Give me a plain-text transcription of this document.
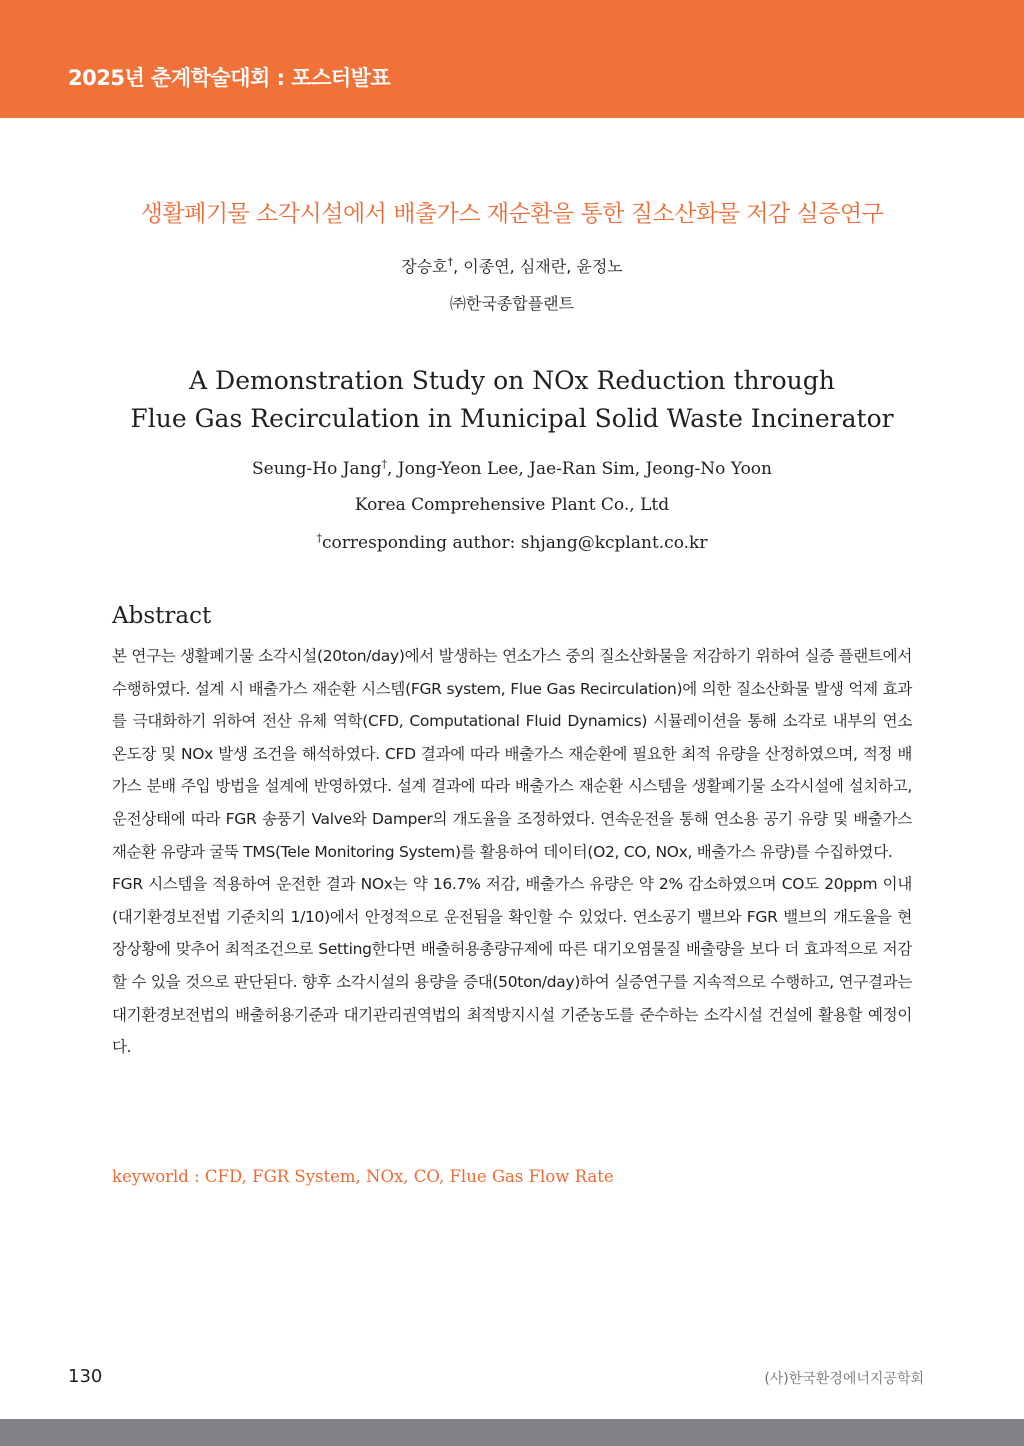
2025년 춘계학술대회 : 포스터발표
생활폐기물 소각시설에서 배출가스 재순환을 통한 질소산화물 저감 실증연구
장승호†, 이종연, 심재란, 윤정노
㈜한국종합플랜트
A Demonstration Study on NOx Reduction through
Flue Gas Recirculation in Municipal Solid Waste Incinerator
Seung-Ho Jang†, Jong-Yeon Lee, Jae-Ran Sim, Jeong-No Yoon
Korea Comprehensive Plant Co., Ltd
†corresponding author: shjang@kcplant.co.kr
Abstract

본 연구는 생활폐기물 소각시설(20ton/day)에서 발생하는 연소가스 중의 질소산화물을 저감하기 위하여 실증 플랜트에서 수행하였다. 설계 시 배출가스 재순환 시스템(FGR system, Flue Gas Recirculation)에 의한 질소산화물 발생 억제 효과를 극대화하기 위하여 전산 유체 역학(CFD, Computational Fluid Dynamics) 시뮬레이션을 통해 소각로 내부의 연소 온도장 및 NOx 발생 조건을 해석하였다. CFD 결과에 따라 배출가스 재순환에 필요한 최적 유량을 산정하였으며, 적정 배가스 분배 주입 방법을 설계에 반영하였다. 설계 결과에 따라 배출가스 재순환 시스템을 생활폐기물 소각시설에 설치하고, 운전상태에 따라 FGR 송풍기 Valve와 Damper의 개도율을 조정하였다. 연속운전을 통해 연소용 공기 유량 및 배출가스 재순환 유량과 굴뚝 TMS(Tele Monitoring System)를 활용하여 데이터(O2, CO, NOx, 배출가스 유량)를 수집하였다.

FGR 시스템을 적용하여 운전한 결과 NOx는 약 16.7% 저감, 배출가스 유량은 약 2% 감소하였으며 CO도 20ppm 이내(대기환경보전법 기준치의 1/10)에서 안정적으로 운전됨을 확인할 수 있었다. 연소공기 밸브와 FGR 밸브의 개도율을 현장상황에 맞추어 최적조건으로 Setting한다면 배출허용총량규제에 따른 대기오염물질 배출량을 보다 더 효과적으로 저감할 수 있을 것으로 판단된다. 향후 소각시설의 용량을 증대(50ton/day)하여 실증연구를 지속적으로 수행하고, 연구결과는 대기환경보전법의 배출허용기준과 대기관리권역법의 최적방지시설 기준농도를 준수하는 소각시설 건설에 활용할 예정이다.

keyworld : CFD, FGR System, NOx, CO, Flue Gas Flow Rate
130	(사)한국환경에너지공학회
